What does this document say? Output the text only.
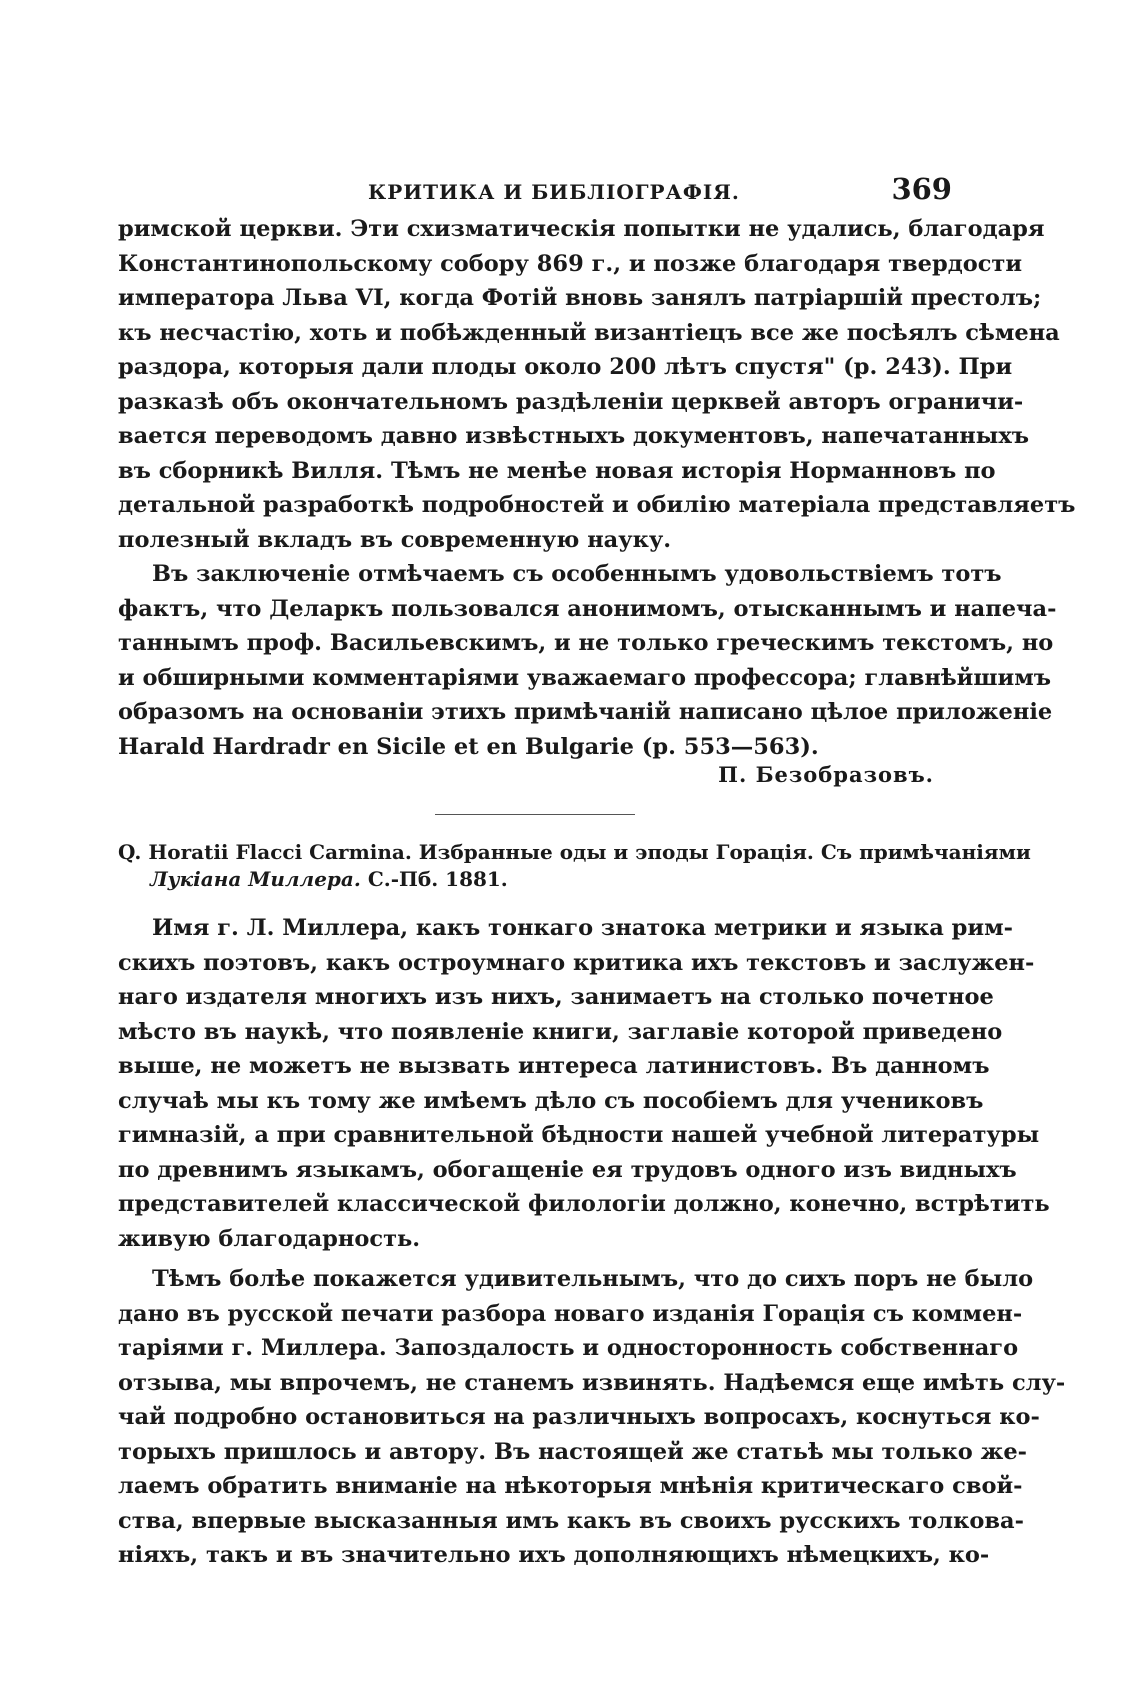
КРИТИКА И БИБЛІОГРАФІЯ.	369
римской церкви. Эти схизматическія попытки не удались, благодаря
Константинопольскому собору 869 г., и позже благодаря твердости
императора Льва VI, когда Фотій вновь занялъ патріаршій престолъ;
къ несчастію, хоть и побѣжденный византіецъ все же посѣялъ сѣмена
раздора, которыя дали плоды около 200 лѣтъ спустя" (р. 243). При
разказѣ объ окончательномъ раздѣленіи церквей авторъ ограничи-
вается переводомъ давно извѣстныхъ документовъ, напечатанныхъ
въ сборникѣ Вилля. Тѣмъ не менѣе новая исторія Норманновъ по
детальной разработкѣ подробностей и обилію матеріала представляетъ
полезный вкладъ въ современную науку.
Въ заключеніе отмѣчаемъ съ особеннымъ удовольствіемъ тотъ
фактъ, что Деларкъ пользовался анонимомъ, отысканнымъ и напеча-
таннымъ проф. Васильевскимъ, и не только греческимъ текстомъ, но
и обширными комментаріями уважаемаго профессора; главнѣйшимъ
образомъ на основаніи этихъ примѣчаній написано цѣлое приложеніе
Harald Hardradr en Sicile et en Bulgarie (р. 553—563).
П. Безобразовъ.
Q. Horatii Flacci Carmina. Избранные оды и эподы Горація. Съ примѣчаніями
Лукіана Миллера. С.-Пб. 1881.
Имя г. Л. Миллера, какъ тонкаго знатока метрики и языка рим-
скихъ поэтовъ, какъ остроумнаго критика ихъ текстовъ и заслужен-
наго издателя многихъ изъ нихъ, занимаетъ на столько почетное
мѣсто въ наукѣ, что появленіе книги, заглавіе которой приведено
выше, не можетъ не вызвать интереса латинистовъ. Въ данномъ
случаѣ мы къ тому же имѣемъ дѣло съ пособіемъ для учениковъ
гимназій, а при сравнительной бѣдности нашей учебной литературы
по древнимъ языкамъ, обогащеніе ея трудовъ одного изъ видныхъ
представителей классической филологіи должно, конечно, встрѣтить
живую благодарность.
Тѣмъ болѣе покажется удивительнымъ, что до сихъ поръ не было
дано въ русской печати разбора новаго изданія Горація съ коммен-
таріями г. Миллера. Запоздалость и односторонность собственнаго
отзыва, мы впрочемъ, не станемъ извинять. Надѣемся еще имѣть слу-
чай подробно остановиться на различныхъ вопросахъ, коснуться ко-
торыхъ пришлось и автору. Въ настоящей же статьѣ мы только же-
лаемъ обратить вниманіе на нѣкоторыя мнѣнія критическаго свой-
ства, впервые высказанныя имъ какъ въ своихъ русскихъ толкова-
ніяхъ, такъ и въ значительно ихъ дополняющихъ нѣмецкихъ, ко-
